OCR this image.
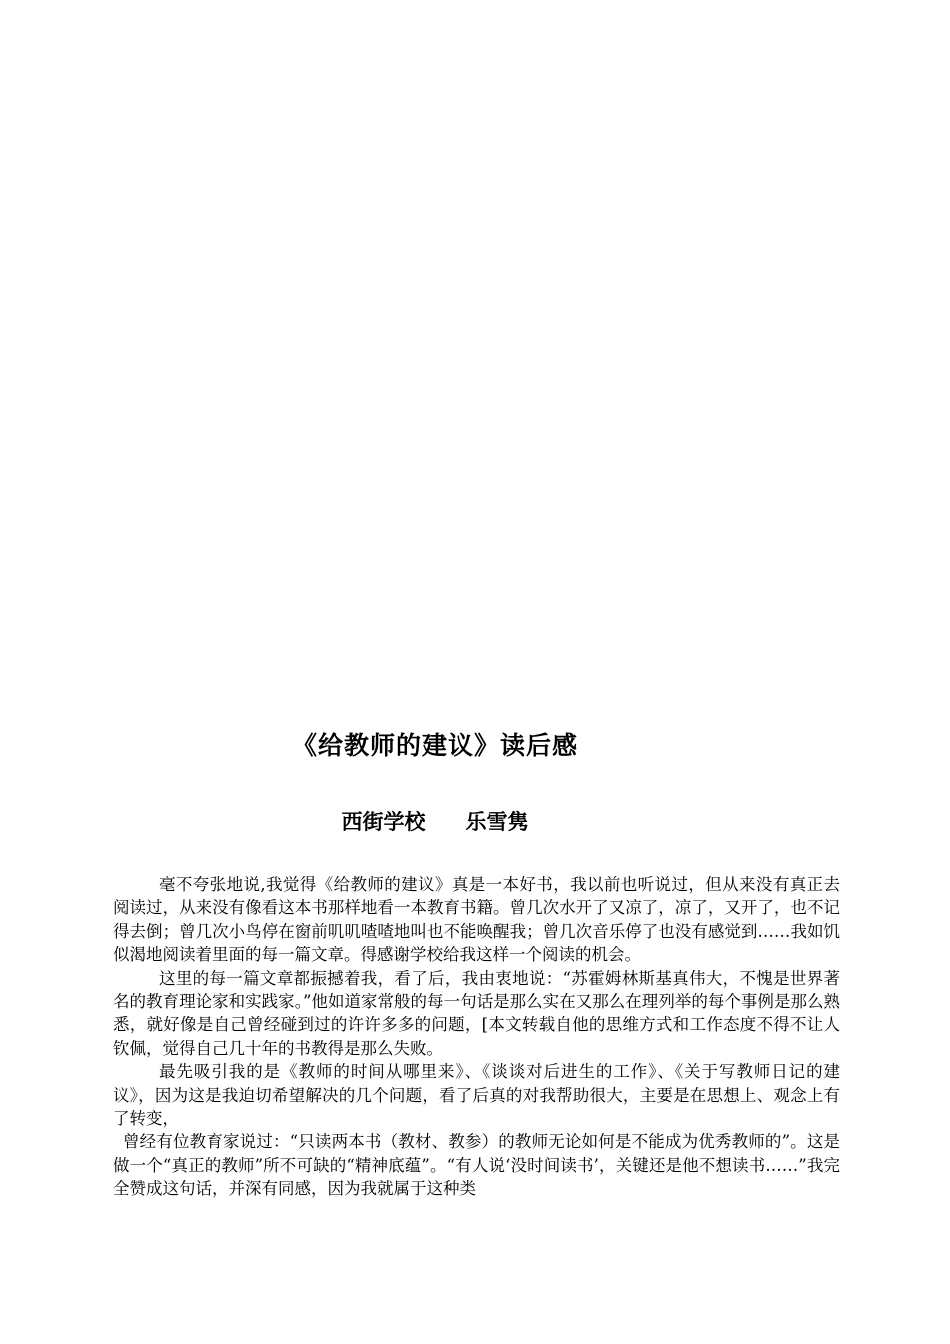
《给教师的建议》读后感
西街学校 乐雪隽

毫不夸张地说,我觉得《给教师的建议》真是一本好书，我以前也听说过，但从来没有真正去阅读过，从来没有像看这本书那样地看一本教育书籍。曾几次水开了又凉了，凉了，又开了，也不记得去倒；曾几次小鸟停在窗前叽叽喳喳地叫也不能唤醒我；曾几次音乐停了也没有感觉到……我如饥似渴地阅读着里面的每一篇文章。得感谢学校给我这样一个阅读的机会。

这里的每一篇文章都振撼着我，看了后，我由衷地说：“苏霍姆林斯基真伟大，不愧是世界著名的教育理论家和实践家。”他如道家常般的每一句话是那么实在又那么在理列举的每个事例是那么熟悉，就好像是自己曾经碰到过的许许多多的问题，[本文转载自他的思维方式和工作态度不得不让人钦佩，觉得自己几十年的书教得是那么失败。

最先吸引我的是《教师的时间从哪里来》、《谈谈对后进生的工作》、《关于写教师日记的建议》，因为这是我迫切希望解决的几个问题，看了后真的对我帮助很大，主要是在思想上、观念上有了转变，

曾经有位教育家说过：“只读两本书（教材、教参）的教师无论如何是不能成为优秀教师的”。这是做一个“真正的教师”所不可缺的“精神底蕴”。“有人说‘没时间读书’，关键还是他不想读书……”我完全赞成这句话，并深有同感，因为我就属于这种类
